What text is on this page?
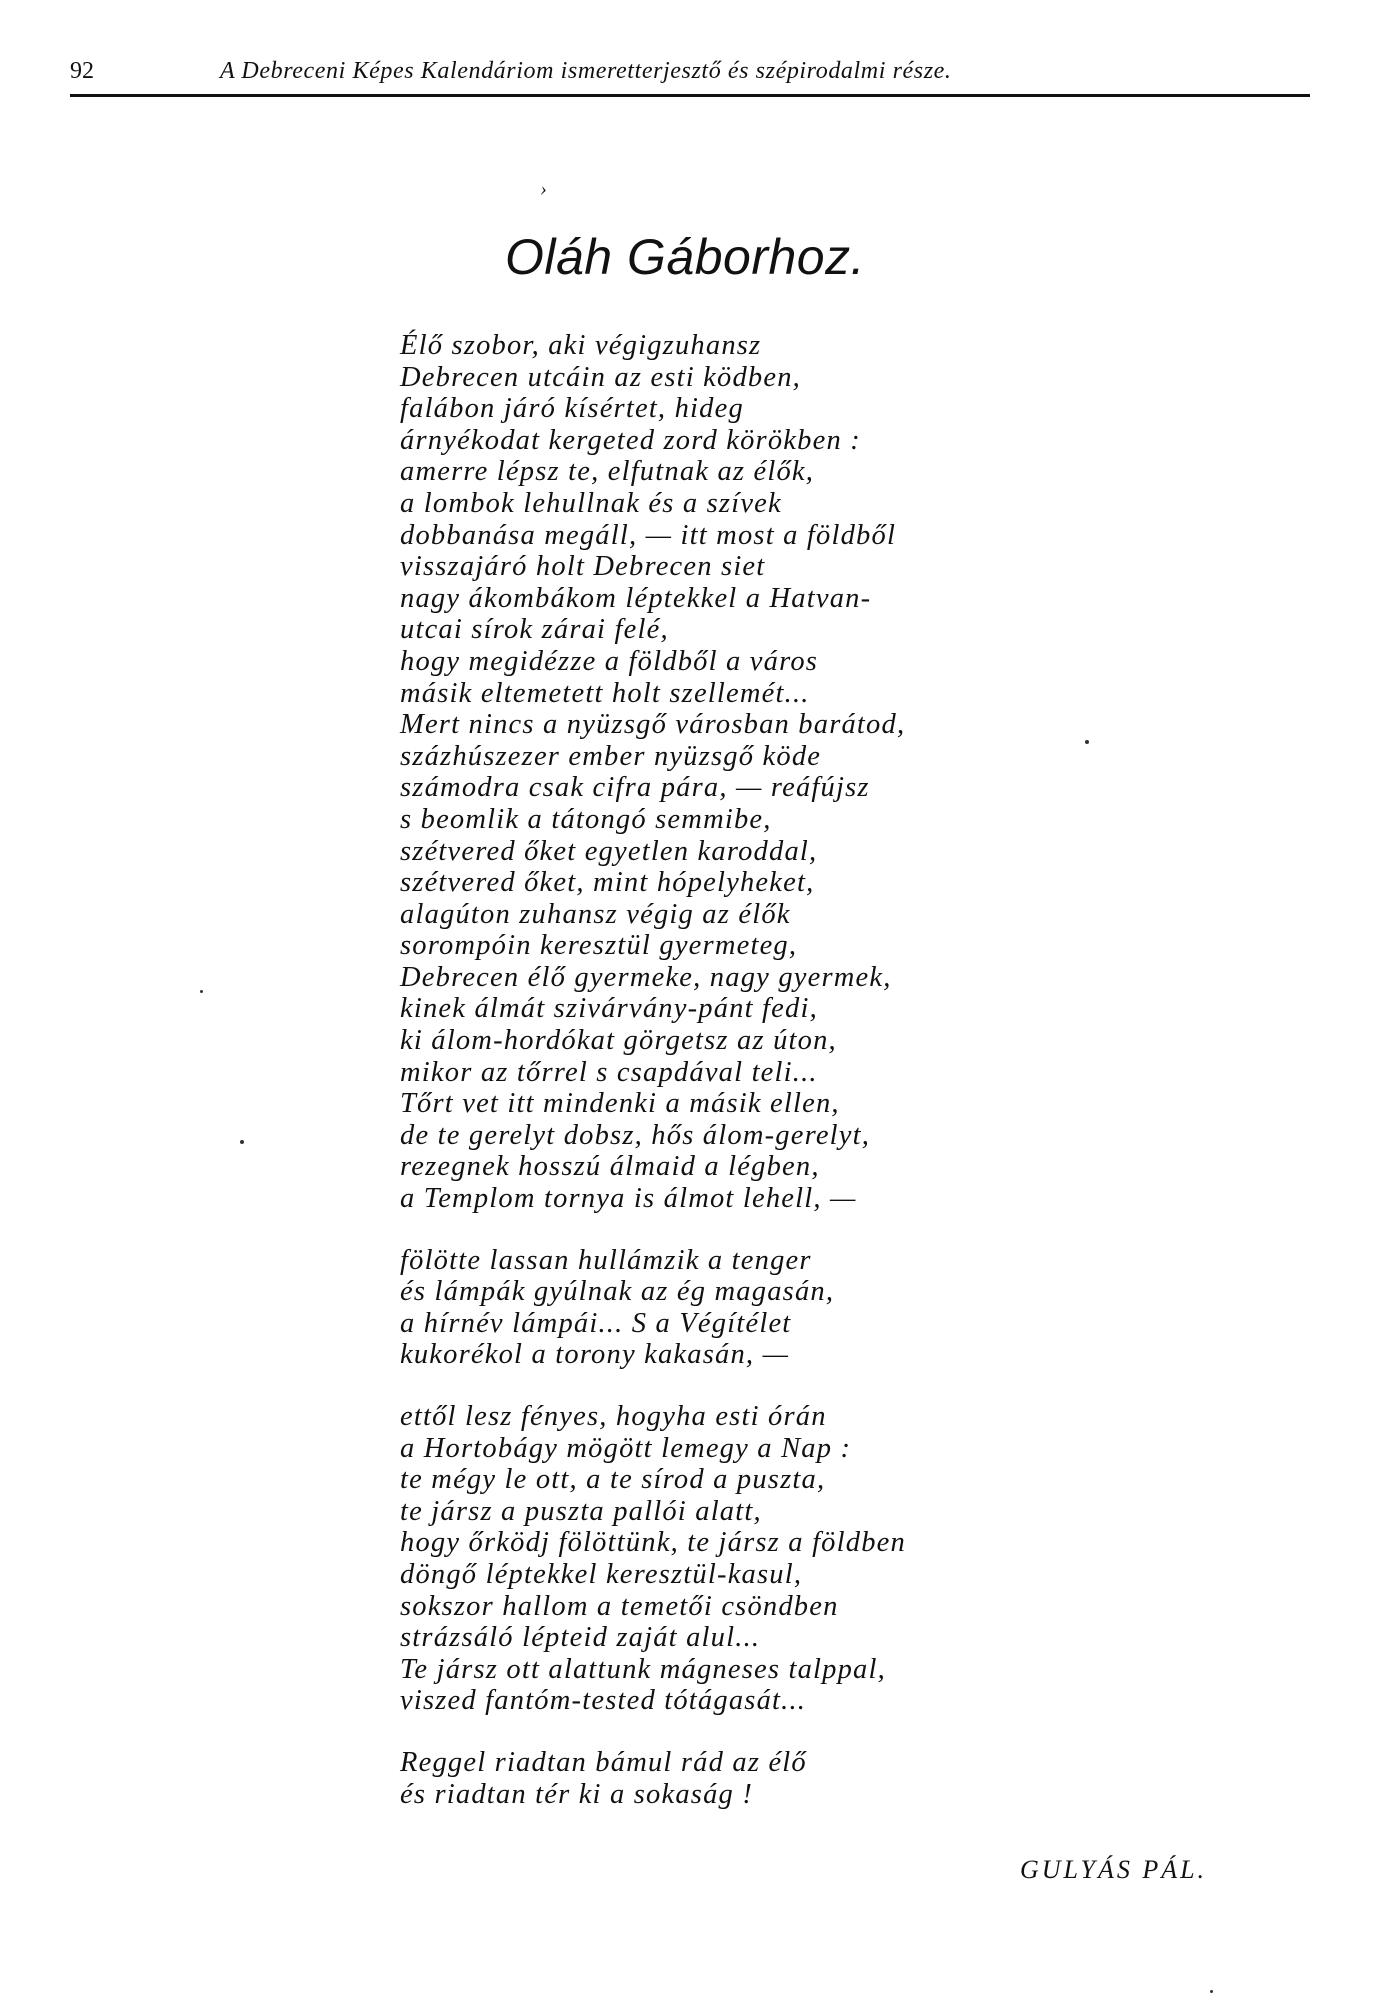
92	A Debreceni Képes Kalendáriom ismeretterjesztő és szépirodalmi része.
›
Oláh Gáborhoz.
Élő szobor, aki végigzuhansz
Debrecen utcáin az esti ködben,
falábon járó kísértet, hideg
árnyékodat kergeted zord körökben :
amerre lépsz te, elfutnak az élők,
a lombok lehullnak és a szívek
dobbanása megáll, — itt most a földből
visszajáró holt Debrecen siet
nagy ákombákom léptekkel a Hatvan-
utcai sírok zárai felé,
hogy megidézze a földből a város
másik eltemetett holt szellemét...
Mert nincs a nyüzsgő városban barátod,
százhúszezer ember nyüzsgő köde
számodra csak cifra pára, — reáfújsz
s beomlik a tátongó semmibe,
szétvered őket egyetlen karoddal,
szétvered őket, mint hópelyheket,
alagúton zuhansz végig az élők
sorompóin keresztül gyermeteg,
Debrecen élő gyermeke, nagy gyermek,
kinek álmát szivárvány-pánt fedi,
ki álom-hordókat görgetsz az úton,
mikor az tőrrel s csapdával teli...
Tőrt vet itt mindenki a másik ellen,
de te gerelyt dobsz, hős álom-gerelyt,
rezegnek hosszú álmaid a légben,
a Templom tornya is álmot lehell, —
fölötte lassan hullámzik a tenger
és lámpák gyúlnak az ég magasán,
a hírnév lámpái... S a Végítélet
kukorékol a torony kakasán, —
ettől lesz fényes, hogyha esti órán
a Hortobágy mögött lemegy a Nap :
te mégy le ott, a te sírod a puszta,
te jársz a puszta pallói alatt,
hogy őrködj fölöttünk, te jársz a földben
döngő léptekkel keresztül-kasul,
sokszor hallom a temetői csöndben
strázsáló lépteid zaját alul...
Te jársz ott alattunk mágneses talppal,
viszed fantóm-tested tótágasát...
Reggel riadtan bámul rád az élő
és riadtan tér ki a sokaság !
GULYÁS PÁL.
